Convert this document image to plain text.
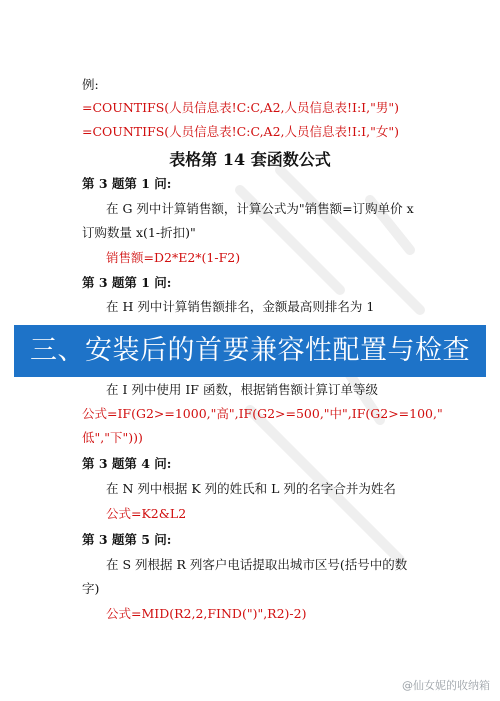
例:
=COUNTIFS(人员信息表!C:C,A2,人员信息表!I:I,"男")
=COUNTIFS(人员信息表!C:C,A2,人员信息表!I:I,"女")
表格第 14 套函数公式
第 3 题第 1 问:
在 G 列中计算销售额，计算公式为"销售额=订购单价 x
订购数量 x(1-折扣)"
销售额=D2*E2*(1-F2)
第 3 题第 1 问:
在 H 列中计算销售额排名，金额最高则排名为 1
三、安装后的首要兼容性配置与检查
在 I 列中使用 IF 函数，根据销售额计算订单等级
公式=IF(G2>=1000,"高",IF(G2>=500,"中",IF(G2>=100,"
低","下")))
第 3 题第 4 问:
在 N 列中根据 K 列的姓氏和 L 列的名字合并为姓名
公式=K2&L2
第 3 题第 5 问:
在 S 列根据 R 列客户电话提取出城市区号(括号中的数
字)
公式=MID(R2,2,FIND(")",R2)-2)
@仙女妮的收纳箱
